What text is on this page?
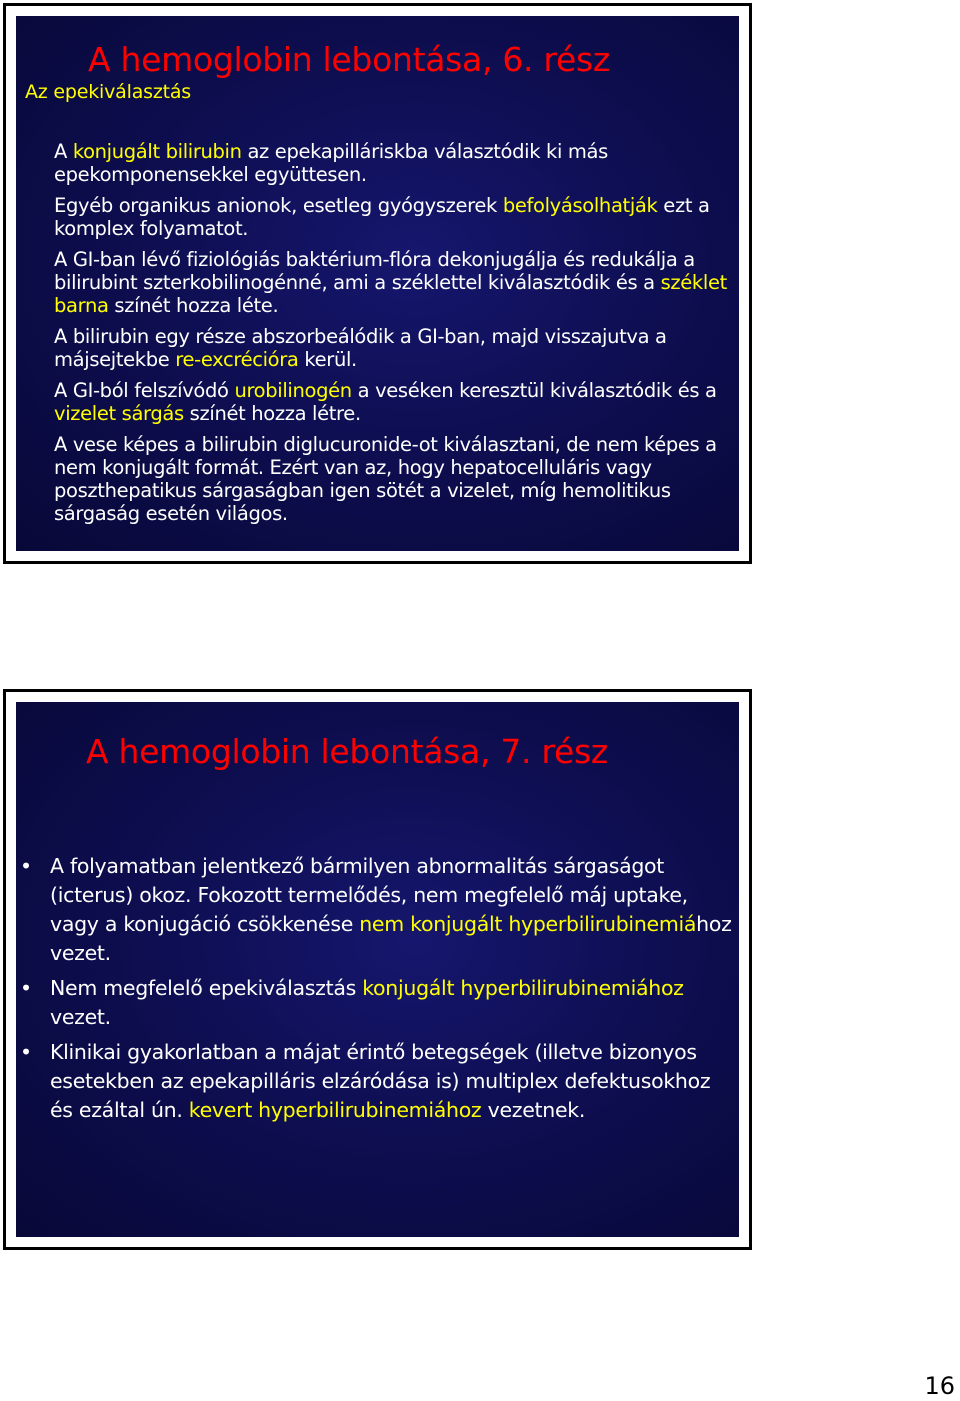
A hemoglobin lebontása, 6. rész
Az epekiválasztás

A konjugált bilirubin az epekapilláriskba választódik ki más epekomponensekkel együttesen.

Egyéb organikus anionok, esetleg gyógyszerek befolyásolhatják ezt a komplex folyamatot.

A GI-ban lévő fiziológiás baktérium-flóra dekonjugálja és redukálja a bilirubint szterkobilinogénné, ami a széklettel kiválasztódik és a széklet barna színét hozza léte.

A bilirubin egy része abszorbeálódik a GI-ban, majd visszajutva a májsejtekbe re-excrécióra kerül.

A GI-ból felszívódó urobilinogén a veséken keresztül kiválasztódik és a vizelet sárgás színét hozza létre.

A vese képes a bilirubin diglucuronide-ot kiválasztani, de nem képes a nem konjugált formát. Ezért van az, hogy hepatocelluláris vagy poszthepatikus sárgaságban igen sötét a vizelet, míg hemolitikus sárgaság esetén világos.

A hemoglobin lebontása, 7. rész
• A folyamatban jelentkező bármilyen abnormalitás sárgaságot (icterus) okoz. Fokozott termelődés, nem megfelelő máj uptake, vagy a konjugáció csökkenése nem konjugált hyperbilirubinemiához vezet.
• Nem megfelelő epekiválasztás konjugált hyperbilirubinemiához vezet.
• Klinikai gyakorlatban a májat érintő betegségek (illetve bizonyos esetekben az epekapilláris elzáródása is) multiplex defektusokhoz és ezáltal ún. kevert hyperbilirubinemiához vezetnek.
16
